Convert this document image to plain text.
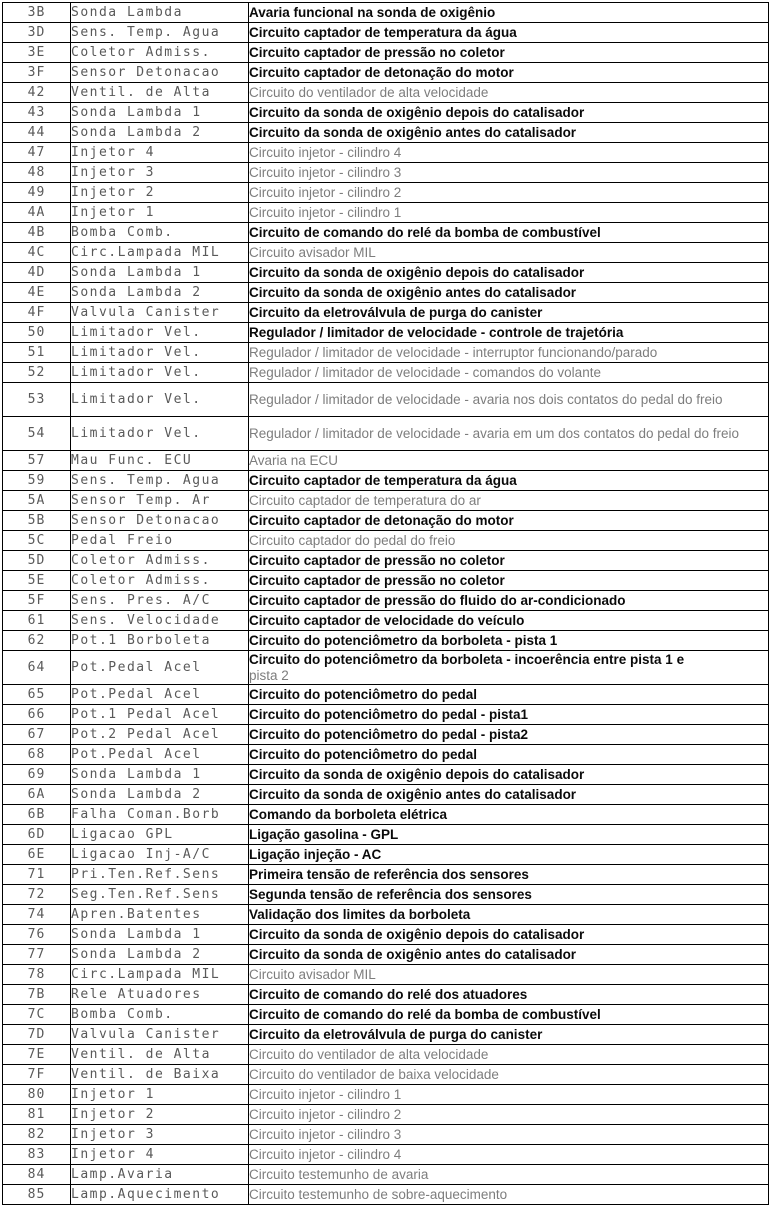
3B	Sonda Lambda	Avaria funcional na sonda de oxigênio
3D	Sens. Temp. Agua	Circuito captador de temperatura da água
3E	Coletor Admiss.	Circuito captador de pressão no coletor
3F	Sensor Detonacao	Circuito captador de detonação do motor
42	Ventil. de Alta	Circuito do ventilador de alta velocidade
43	Sonda Lambda 1	Circuito da sonda de oxigênio depois do catalisador
44	Sonda Lambda 2	Circuito da sonda de oxigênio antes do catalisador
47	Injetor 4	Circuito injetor - cilindro 4
48	Injetor 3	Circuito injetor - cilindro 3
49	Injetor 2	Circuito injetor - cilindro 2
4A	Injetor 1	Circuito injetor - cilindro 1
4B	Bomba Comb.	Circuito de comando do relé da bomba de combustível
4C	Circ.Lampada MIL	Circuito avisador MIL
4D	Sonda Lambda 1	Circuito da sonda de oxigênio depois do catalisador
4E	Sonda Lambda 2	Circuito da sonda de oxigênio antes do catalisador
4F	Valvula Canister	Circuito da eletroválvula de purga do canister
50	Limitador Vel.	Regulador / limitador de velocidade - controle de trajetória
51	Limitador Vel.	Regulador / limitador de velocidade - interruptor funcionando/parado
52	Limitador Vel.	Regulador / limitador de velocidade - comandos do volante
53	Limitador Vel.	Regulador / limitador de velocidade - avaria nos dois contatos do pedal do freio
54	Limitador Vel.	Regulador / limitador de velocidade - avaria em um dos contatos do pedal do freio
57	Mau Func. ECU	Avaria na ECU
59	Sens. Temp. Agua	Circuito captador de temperatura da água
5A	Sensor Temp. Ar	Circuito captador de temperatura do ar
5B	Sensor Detonacao	Circuito captador de detonação do motor
5C	Pedal Freio	Circuito captador do pedal do freio
5D	Coletor Admiss.	Circuito captador de pressão no coletor
5E	Coletor Admiss.	Circuito captador de pressão no coletor
5F	Sens. Pres. A/C	Circuito captador de pressão do fluido do ar-condicionado
61	Sens. Velocidade	Circuito captador de velocidade do veículo
62	Pot.1 Borboleta	Circuito do potenciômetro da borboleta - pista 1
64	Pot.Pedal Acel	Circuito do potenciômetro da borboleta - incoerência entre pista 1 e
pista 2
65	Pot.Pedal Acel	Circuito do potenciômetro do pedal
66	Pot.1 Pedal Acel	Circuito do potenciômetro do pedal - pista1
67	Pot.2 Pedal Acel	Circuito do potenciômetro do pedal - pista2
68	Pot.Pedal Acel	Circuito do potenciômetro do pedal
69	Sonda Lambda 1	Circuito da sonda de oxigênio depois do catalisador
6A	Sonda Lambda 2	Circuito da sonda de oxigênio antes do catalisador
6B	Falha Coman.Borb	Comando da borboleta elétrica
6D	Ligacao GPL	Ligação gasolina - GPL
6E	Ligacao Inj-A/C	Ligação injeção - AC
71	Pri.Ten.Ref.Sens	Primeira tensão de referência dos sensores
72	Seg.Ten.Ref.Sens	Segunda tensão de referência dos sensores
74	Apren.Batentes	Validação dos limites da borboleta
76	Sonda Lambda 1	Circuito da sonda de oxigênio depois do catalisador
77	Sonda Lambda 2	Circuito da sonda de oxigênio antes do catalisador
78	Circ.Lampada MIL	Circuito avisador MIL
7B	Rele Atuadores	Circuito de comando do relé dos atuadores
7C	Bomba Comb.	Circuito de comando do relé da bomba de combustível
7D	Valvula Canister	Circuito da eletroválvula de purga do canister
7E	Ventil. de Alta	Circuito do ventilador de alta velocidade
7F	Ventil. de Baixa	Circuito do ventilador de baixa velocidade
80	Injetor 1	Circuito injetor - cilindro 1
81	Injetor 2	Circuito injetor - cilindro 2
82	Injetor 3	Circuito injetor - cilindro 3
83	Injetor 4	Circuito injetor - cilindro 4
84	Lamp.Avaria	Circuito testemunho de avaria
85	Lamp.Aquecimento	Circuito testemunho de sobre-aquecimento
